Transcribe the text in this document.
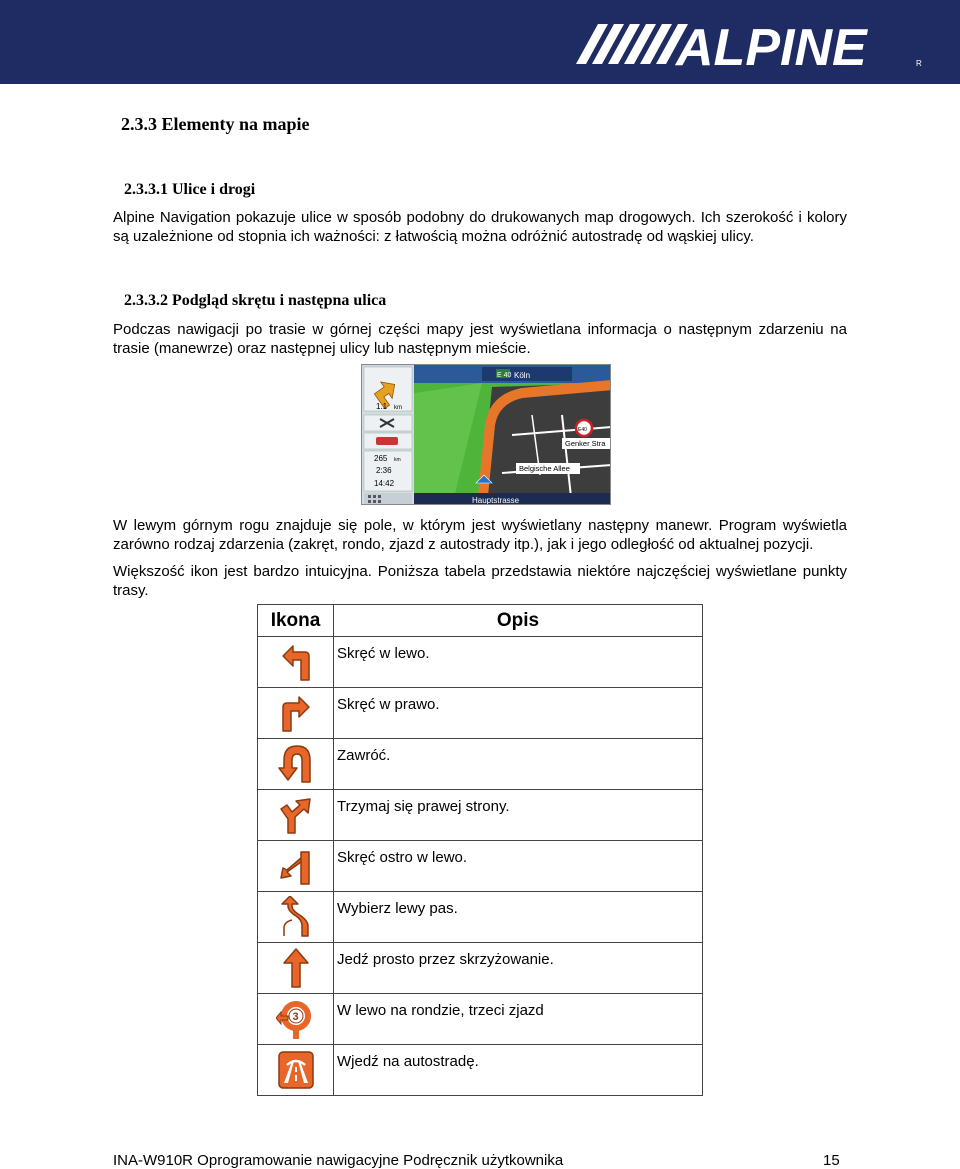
ALPINE	R
2.3.3 Elementy na mapie
2.3.3.1 Ulice i drogi
Alpine Navigation pokazuje ulice w sposób podobny do drukowanych map drogowych. Ich szerokość i kolory są uzależnione od stopnia ich ważności: z łatwością można odróżnić autostradę od wąskiej ulicy.
2.3.3.2 Podgląd skrętu i następna ulica
Podczas nawigacji po trasie w górnej części mapy jest wyświetlana informacja o następnym zdarzeniu na trasie (manewrze) oraz następnej ulicy lub następnym mieście.
E 40 Köln
1.1 km
265 km
2:36
14:42
Genker Stra
Belgische Allee
E40
Hauptstrasse
W lewym górnym rogu znajduje się pole, w którym jest wyświetlany następny manewr. Program wyświetla zarówno rodzaj zdarzenia (zakręt, rondo, zjazd z autostrady itp.), jak i jego odległość od aktualnej pozycji.
Większość ikon jest bardzo intuicyjna. Poniższa tabela przedstawia niektóre najczęściej wyświetlane punkty trasy.
Ikona	Opis

	Skręć w lewo.

	Skręć w prawo.

	Zawróć.

	Trzymaj się prawej strony.

	Skręć ostro w lewo.

	Wybierz lewy pas.

	Jedź prosto przez skrzyżowanie.

3	W lewo na rondzie, trzeci zjazd

	Wjedź na autostradę.
INA-W910R Oprogramowanie nawigacyjne Podręcznik użytkownika	15
